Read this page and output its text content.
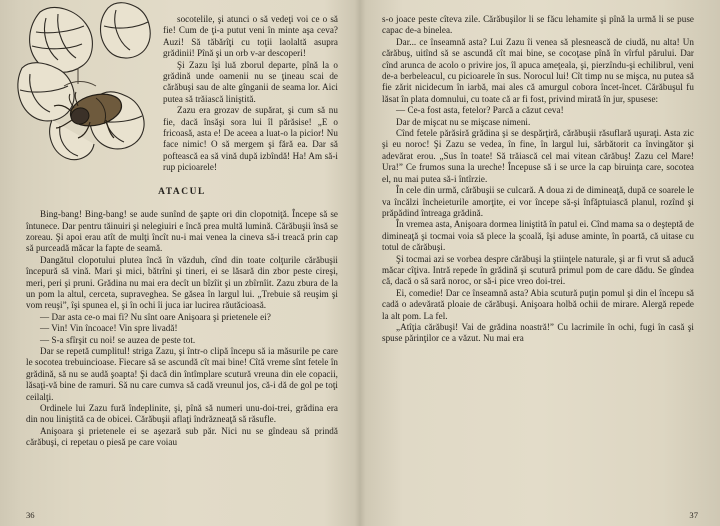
socotelile, şi atunci o să vedeţi voi ce o să fie! Cum de ţi-a putut veni în minte aşa ceva? Auzi! Să tăbărîţi cu toţii laolaltă asupra grădinii! Pînă şi un orb v-ar descoperi!

Şi Zazu îşi luă zborul departe, pînă la o grădină unde oamenii nu se ţineau scai de cărăbuşi sau de alte gînganii de seama lor. Aici putea să trăiască liniştită.

Zazu era grozav de supărat, şi cum să nu fie, dacă însăşi sora lui îl părăsise! „E o fricoasă, asta e! De aceea a luat-o la picior! Nu face nimic! O să mergem şi fără ea. Dar să poftească ea să vină după izbîndă! Ha! Am să-i rup picioarele!

ATACUL

Bing-bang! Bing-bang! se aude sunînd de şapte ori din clopotniţă. Începe să se întunece. Dar pentru tăinuiri şi nelegiuiri e încă prea multă lumină. Cărăbuşii însă se zoreau. Şi apoi erau atît de mulţi încît nu-i mai venea la cineva să-i treacă prin cap să purceadă măcar la fapte de seamă.

Dangătul clopotului plutea încă în văzduh, cînd din toate colţurile cărăbuşii începură să vină. Mari şi mici, bătrîni şi tineri, ei se lăsară din zbor peste cireşi, meri, peri şi pruni. Grădina nu mai era decît un bîzîit şi un zbîrnîit. Zazu zbura de la un pom la altul, cerceta, supraveghea. Se găsea în largul lui. „Trebuie să reuşim şi vom reuşi”, îşi spunea el, şi în ochi îi juca iar lucirea răutăcioasă.

— Dar asta ce-o mai fi? Nu sînt oare Anişoara şi prietenele ei?

— Vin! Vin încoace! Vin spre livadă!

— S-a sfîrşit cu noi! se auzea de peste tot.

Dar se repetă cumplitul! striga Zazu, şi într-o clipă începu să ia măsurile pe care le socotea trebuincioase. Fiecare să se ascundă cît mai bine! Cîtă vreme sînt fetele în grădină, să nu se audă şoapta! Şi dacă din întîmplare scutură vreuna din ele copacii, lăsaţi-vă bine de ramuri. Să nu care cumva să cadă vreunul jos, că-i dă de gol pe toţi ceilalţi.

Ordinele lui Zazu fură îndeplinite, şi, pînă să numeri unu-doi-trei, grădina era din nou liniştită ca de obicei. Cărăbuşii aflaţi îndrăzneaţă să răsufle.

Anişoara şi prietenele ei se aşezară sub păr. Nici nu se gîndeau să prindă cărăbuşi, ci repetau o piesă pe care voiau

36

s-o joace peste cîteva zile. Cărăbuşilor li se făcu lehamite şi pînă la urmă li se puse capac de-a binelea.

Dar... ce înseamnă asta? Lui Zazu îi venea să plesnească de ciudă, nu alta! Un cărăbuş, uitînd să se ascundă cît mai bine, se cocoţase pînă în vîrful părului. Dar cînd arunca de acolo o privire jos, îl apuca ameţeala, şi, pierzîndu-şi echilibrul, veni de-a berbeleacul, cu picioarele în sus. Norocul lui! Cît timp nu se mişca, nu putea să fie zărit nicidecum în iarbă, mai ales că amurgul cobora încet-încet. Cărăbuşul fu lăsat în plata domnului, cu toate că ar fi fost, privind mirată în jur, spusese:

— Ce-a fost asta, fetelor? Parcă a căzut ceva!

Dar de mişcat nu se mişcase nimeni.

Cînd fetele părăsiră grădina şi se despărţiră, cărăbuşii răsuflară uşuraţi. Asta zic şi eu noroc! Şi Zazu se vedea, în fine, în largul lui, sărbătorit ca învingător şi adevărat erou. „Sus în toate! Să trăiască cel mai vitean cărăbuş! Zazu cel Mare! Ura!” Ce frumos suna la ureche! Începuse să i se urce la cap biruinţa care, socotea el, nu mai putea să-i întîrzie.

În cele din urmă, cărăbuşii se culcară. A doua zi de dimineaţă, după ce soarele le va încălzi încheieturile amorţite, ei vor începe să-şi înfăptuiască planul, rozînd şi prăpădind întreaga grădină.

În vremea asta, Anişoara dormea liniştită în patul ei. Cînd mama sa o deşteptă de dimineaţă şi tocmai voia să plece la şcoală, îşi aduse aminte, în poartă, că uitase cu totul de cărăbuşi.

Şi tocmai azi se vorbea despre cărăbuşi la ştiinţele naturale, şi ar fi vrut să aducă măcar cîţiva. Intră repede în grădină şi scutură primul pom de care dădu. Se gîndea că, dacă o să sară noroc, or să-i pice vreo doi-trei.

Ei, comedie! Dar ce înseamnă asta? Abia scutură puţin pomul şi din el începu să cadă o adevărată ploaie de cărăbuşi. Anişoara holbă ochii de mirare. Alergă repede la alt pom. La fel.

„Atîţia cărăbuşi! Vai de grădina noastră!” Cu lacrimile în ochi, fugi în casă şi spuse părinţilor ce a văzut. Nu mai era

37
